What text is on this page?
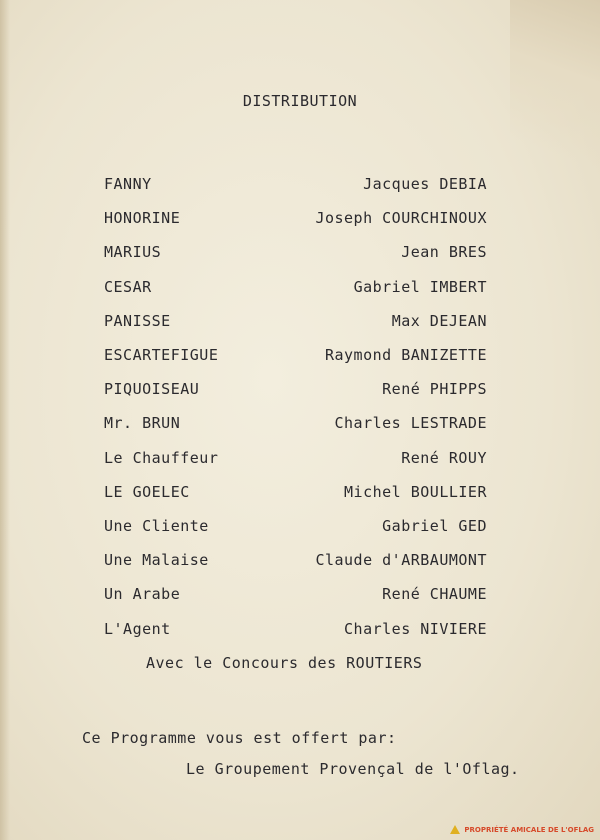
DISTRIBUTION
FANNY	Jacques DEBIA
HONORINE	Joseph COURCHINOUX
MARIUS	Jean BRES
CESAR	Gabriel IMBERT
PANISSE	Max DEJEAN
ESCARTEFIGUE	Raymond BANIZETTE
PIQUOISEAU	René PHIPPS
Mr. BRUN	Charles LESTRADE
Le Chauffeur	René ROUY
LE GOELEC	Michel BOULLIER
Une Cliente	Gabriel GED
Une Malaise	Claude d'ARBAUMONT
Un Arabe	René CHAUME
L'Agent	Charles NIVIERE
Avec le Concours des ROUTIERS
Ce Programme vous est offert par:
Le Groupement Provençal de l'Oflag.
PROPRIÉTÉ AMICALE DE L'OFLAG
